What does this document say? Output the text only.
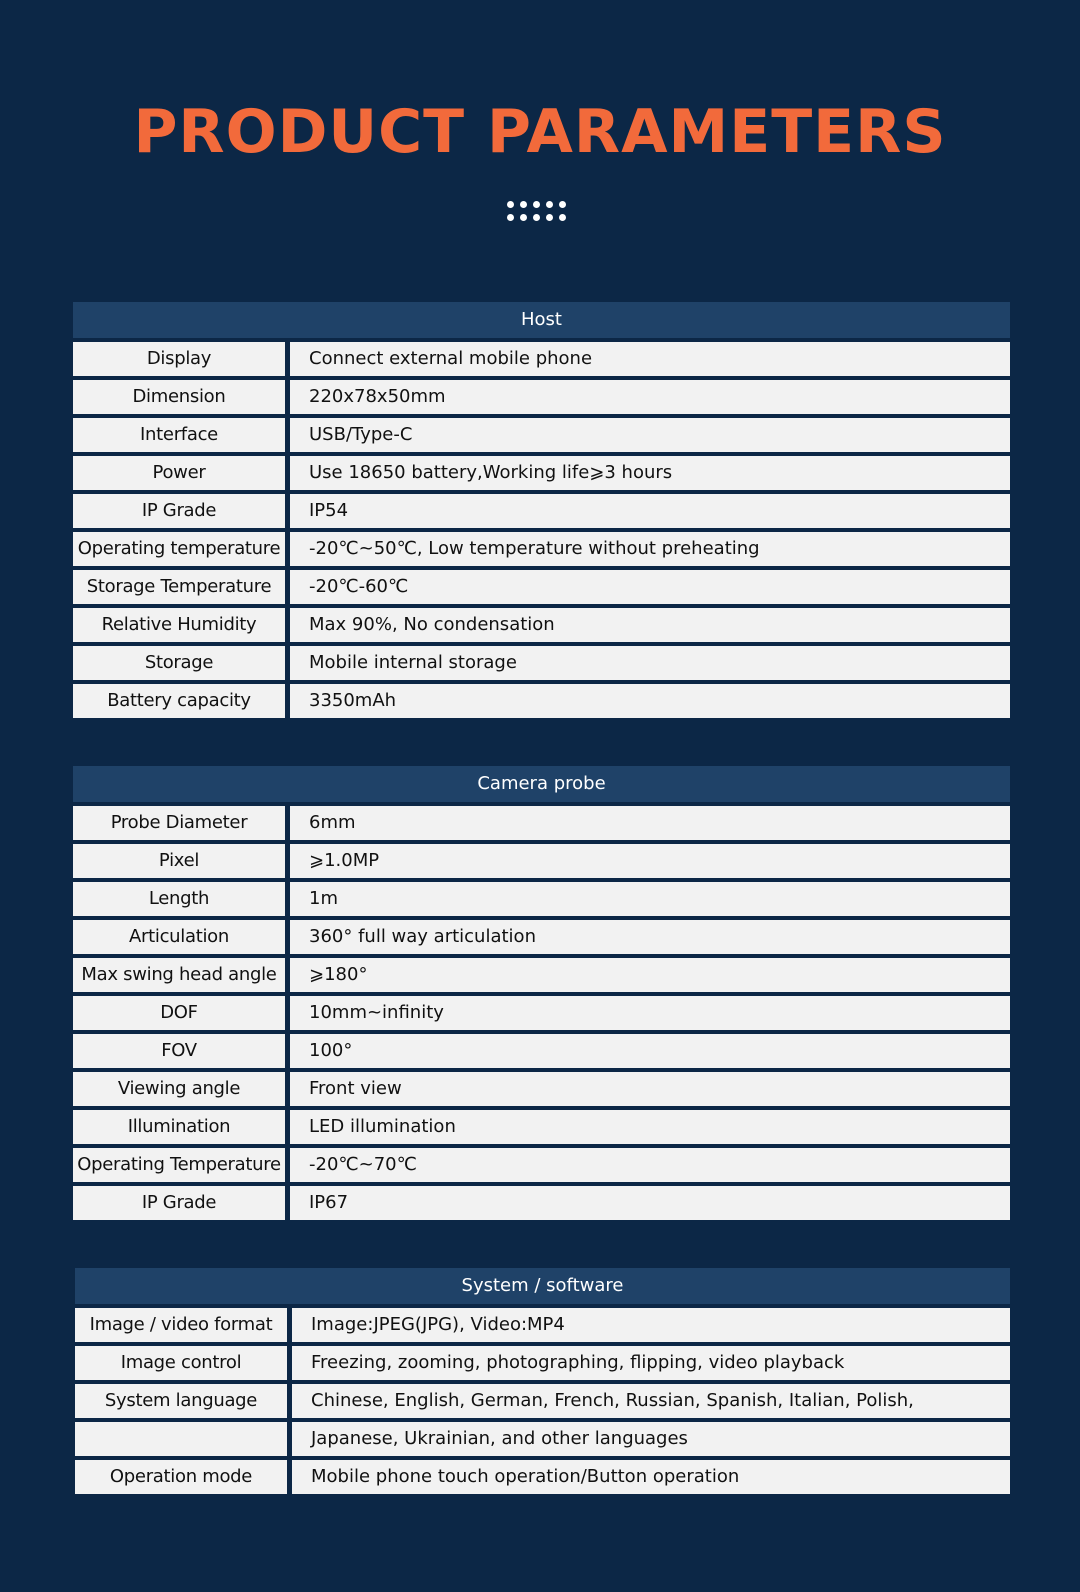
PRODUCT PARAMETERS
Host
Display	Connect external mobile phone
Dimension	220x78x50mm
Interface	USB/Type-C
Power	Use 18650 battery,Working life⩾3 hours
IP Grade	IP54
Operating temperature	-20℃~50℃, Low temperature without preheating
Storage Temperature	-20℃-60℃
Relative Humidity	Max 90%, No condensation
Storage	Mobile internal storage
Battery capacity	3350mAh
Camera probe
Probe Diameter	6mm
Pixel	⩾1.0MP
Length	1m
Articulation	360° full way articulation
Max swing head angle	⩾180°
DOF	10mm~infinity
FOV	100°
Viewing angle	Front view
Illumination	LED illumination
Operating Temperature	-20℃~70℃
IP Grade	IP67
System / software
Image / video format	Image:JPEG(JPG), Video:MP4
Image control	Freezing, zooming, photographing, flipping, video playback
System language	Chinese, English, German, French, Russian, Spanish, Italian, Polish,
Japanese, Ukrainian, and other languages
Operation mode	Mobile phone touch operation/Button operation
